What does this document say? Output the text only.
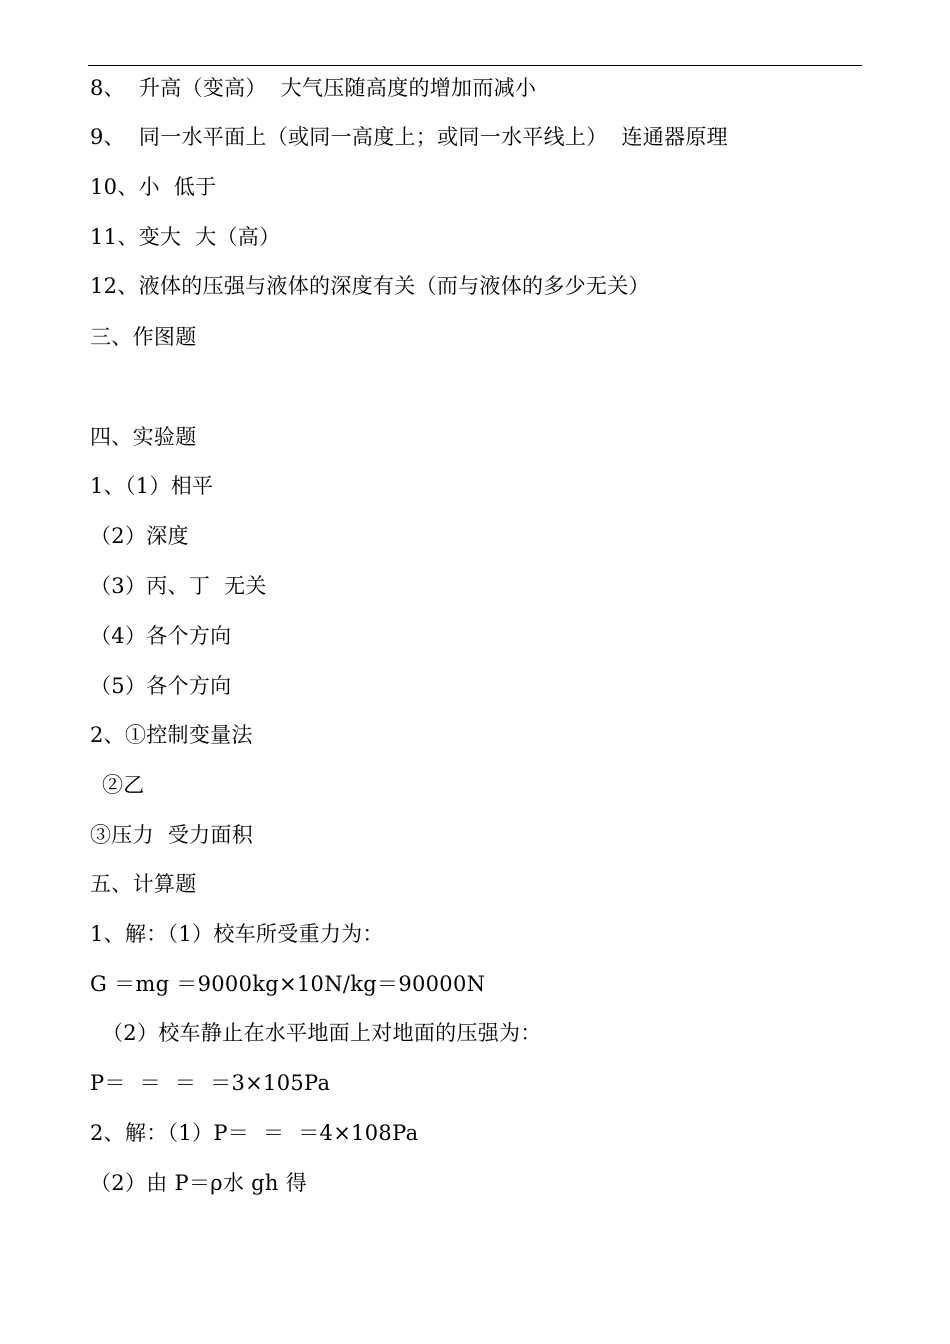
8、  升高（变高）  大气压随高度的增加而减小
9、  同一水平面上（或同一高度上；或同一水平线上）  连通器原理
10、小  低于
11、变大  大（高）
12、液体的压强与液体的深度有关（而与液体的多少无关）
三、作图题
四、实验题
1、（1）相平
（2）深度
（3）丙、丁  无关
（4）各个方向
（5）各个方向
2、①控制变量法
②乙
③压力  受力面积
五、计算题
1、解：（1）校车所受重力为：
G ＝mg ＝9000kg×10N/kg＝90000N
（2）校车静止在水平地面上对地面的压强为：
P＝  ＝  ＝  ＝3×105Pa
2、解：（1）P＝  ＝  ＝4×108Pa
（2）由 P＝ρ水 gh 得
